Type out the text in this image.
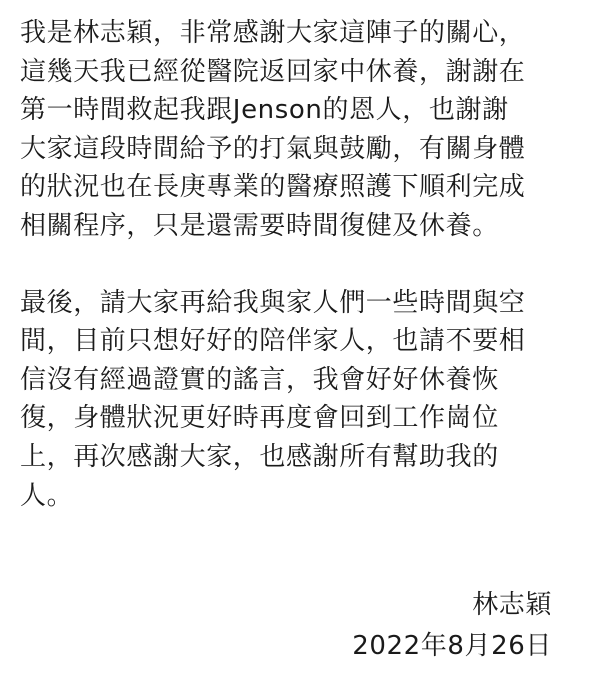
我是林志穎，非常感謝大家這陣子的關心，
這幾天我已經從醫院返回家中休養，謝謝在
第一時間救起我跟Jenson的恩人，也謝謝
大家這段時間給予的打氣與鼓勵，有關身體
的狀況也在長庚專業的醫療照護下順利完成
相關程序，只是還需要時間復健及休養。

最後，請大家再給我與家人們一些時間與空
間，目前只想好好的陪伴家人，也請不要相
信沒有經過證實的謠言，我會好好休養恢
復，身體狀況更好時再度會回到工作崗位
上，再次感謝大家，也感謝所有幫助我的
人。

林志穎
2022年8月26日
